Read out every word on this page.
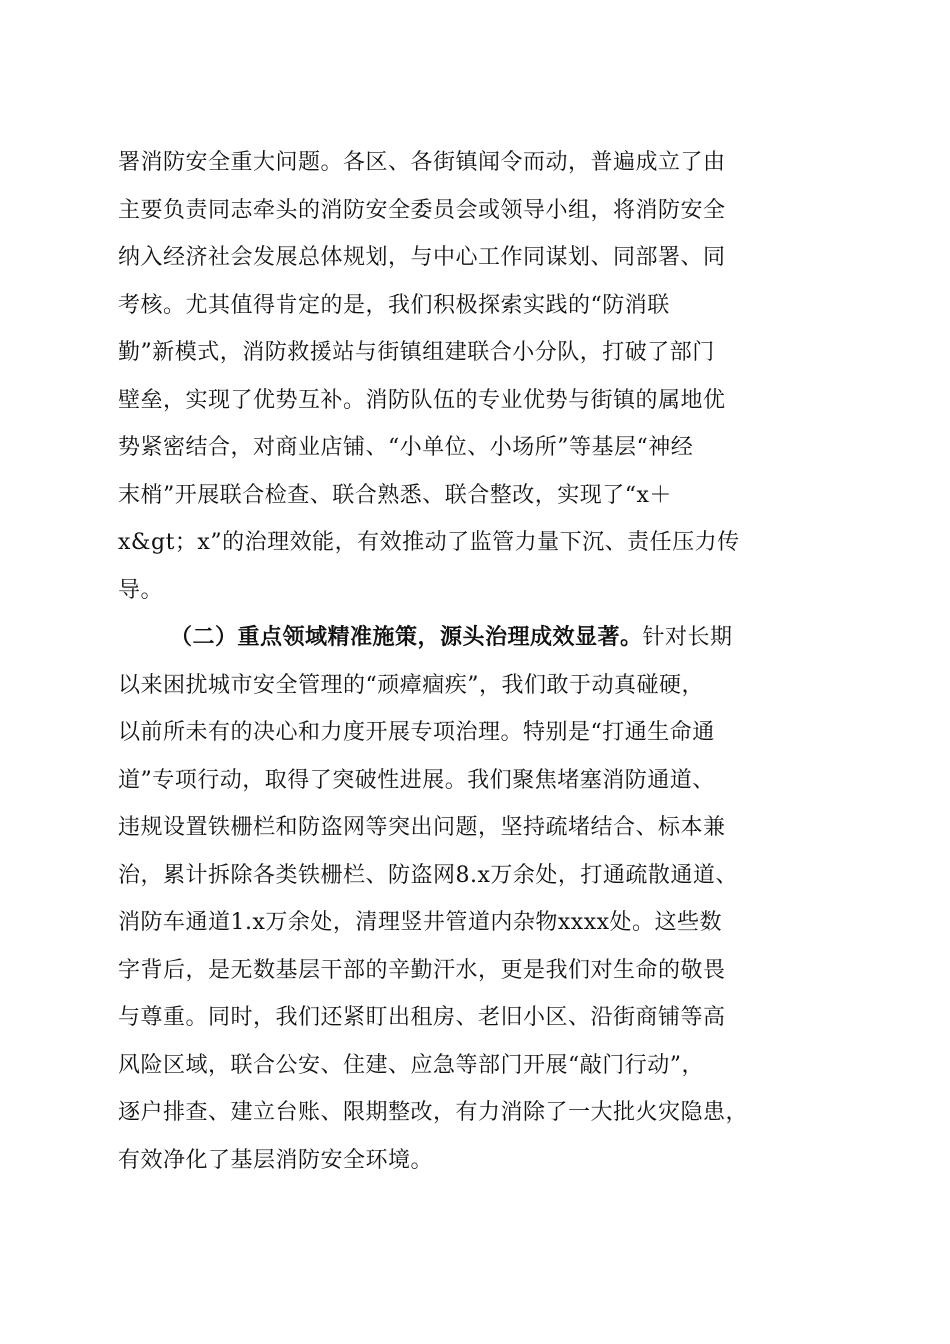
署消防安全重大问题。各区、各街镇闻令而动，普遍成立了由
主要负责同志牵头的消防安全委员会或领导小组，将消防安全
纳入经济社会发展总体规划，与中心工作同谋划、同部署、同
考核。尤其值得肯定的是，我们积极探索实践的“防消联
勤”新模式，消防救援站与街镇组建联合小分队，打破了部门
壁垒，实现了优势互补。消防队伍的专业优势与街镇的属地优
势紧密结合，对商业店铺、“小单位、小场所”等基层“神经
末梢”开展联合检查、联合熟悉、联合整改，实现了“x＋
x&gt；x”的治理效能，有效推动了监管力量下沉、责任压力传
导。
（二）重点领域精准施策，源头治理成效显著。针对长期
以来困扰城市安全管理的“顽瘴痼疾”，我们敢于动真碰硬，
以前所未有的决心和力度开展专项治理。特别是“打通生命通
道”专项行动，取得了突破性进展。我们聚焦堵塞消防通道、
违规设置铁栅栏和防盗网等突出问题，坚持疏堵结合、标本兼
治，累计拆除各类铁栅栏、防盗网8.x万余处，打通疏散通道、
消防车通道1.x万余处，清理竖井管道内杂物xxxx处。这些数
字背后，是无数基层干部的辛勤汗水，更是我们对生命的敬畏
与尊重。同时，我们还紧盯出租房、老旧小区、沿街商铺等高
风险区域，联合公安、住建、应急等部门开展“敲门行动”，
逐户排查、建立台账、限期整改，有力消除了一大批火灾隐患，
有效净化了基层消防安全环境。
